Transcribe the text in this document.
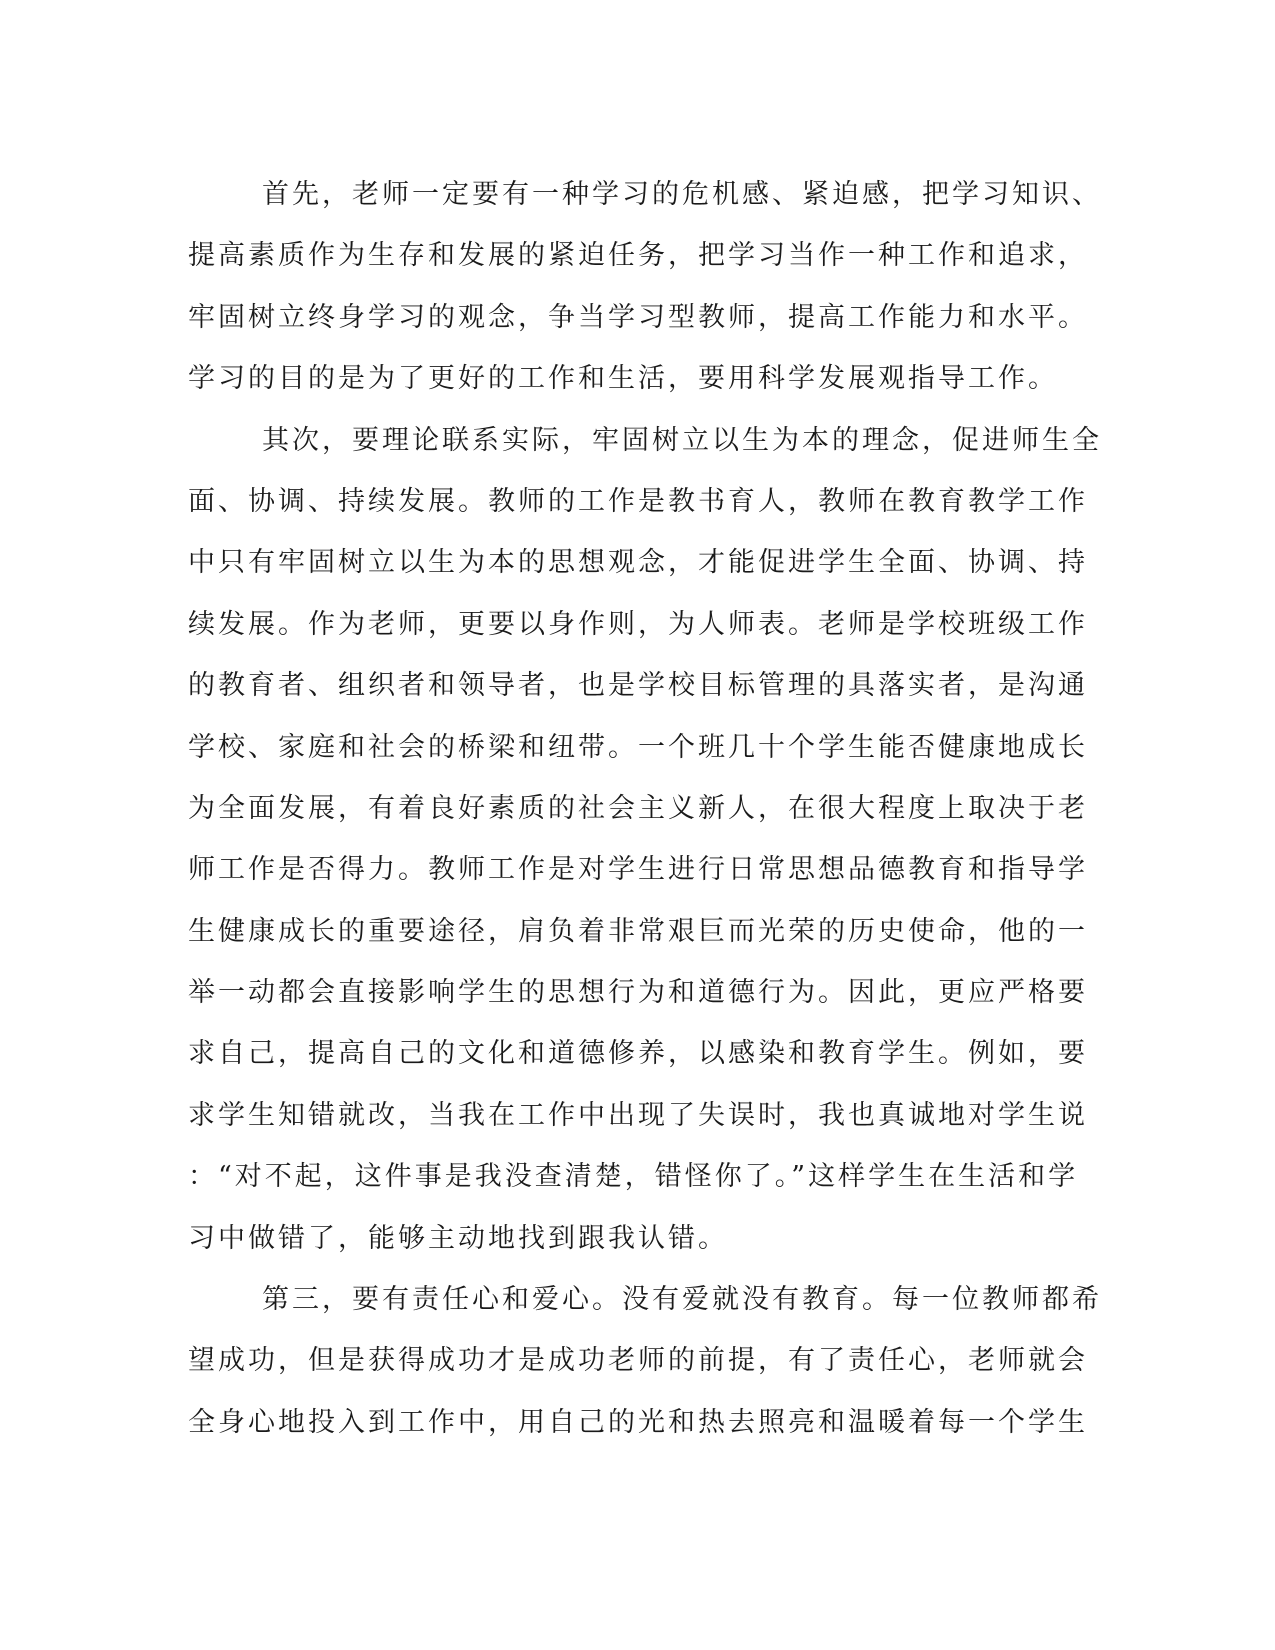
首先，老师一定要有一种学习的危机感、紧迫感，把学习知识、
提高素质作为生存和发展的紧迫任务，把学习当作一种工作和追求，
牢固树立终身学习的观念，争当学习型教师，提高工作能力和水平。
学习的目的是为了更好的工作和生活，要用科学发展观指导工作。
其次，要理论联系实际，牢固树立以生为本的理念，促进师生全
面、协调、持续发展。教师的工作是教书育人，教师在教育教学工作
中只有牢固树立以生为本的思想观念，才能促进学生全面、协调、持
续发展。作为老师，更要以身作则，为人师表。老师是学校班级工作
的教育者、组织者和领导者，也是学校目标管理的具落实者，是沟通
学校、家庭和社会的桥梁和纽带。一个班几十个学生能否健康地成长
为全面发展，有着良好素质的社会主义新人，在很大程度上取决于老
师工作是否得力。教师工作是对学生进行日常思想品德教育和指导学
生健康成长的重要途径，肩负着非常艰巨而光荣的历史使命，他的一
举一动都会直接影响学生的思想行为和道德行为。因此，更应严格要
求自己，提高自己的文化和道德修养，以感染和教育学生。例如，要
求学生知错就改，当我在工作中出现了失误时，我也真诚地对学生说
：“对不起，这件事是我没查清楚，错怪你了。”这样学生在生活和学
习中做错了，能够主动地找到跟我认错。
第三，要有责任心和爱心。没有爱就没有教育。每一位教师都希
望成功，但是获得成功才是成功老师的前提，有了责任心，老师就会
全身心地投入到工作中，用自己的光和热去照亮和温暖着每一个学生
